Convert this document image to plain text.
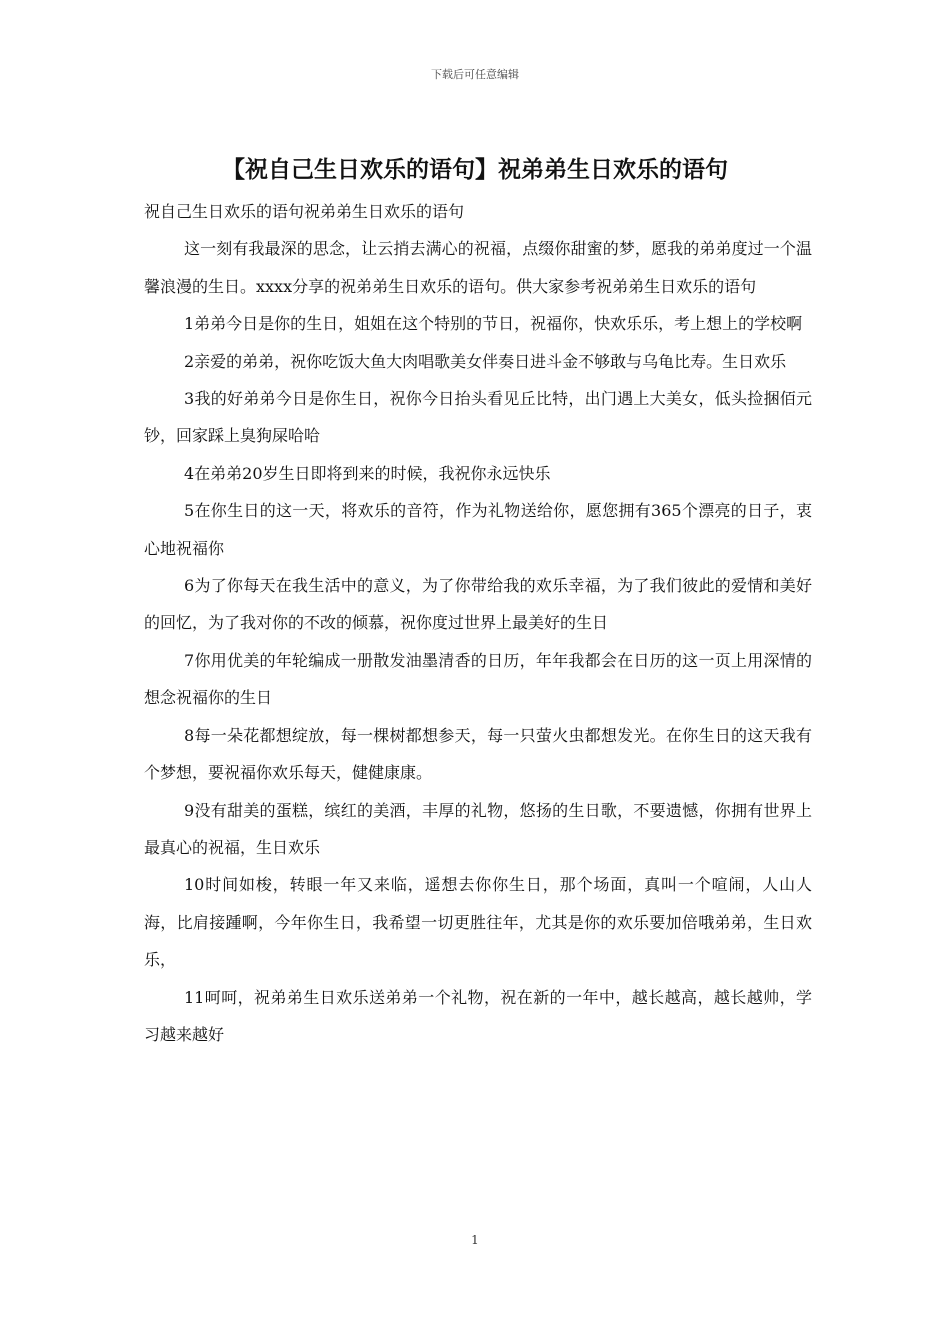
下载后可任意编辑
【祝自己生日欢乐的语句】祝弟弟生日欢乐的语句

祝自己生日欢乐的语句祝弟弟生日欢乐的语句

这一刻有我最深的思念，让云捎去满心的祝福，点缀你甜蜜的梦，愿我的弟弟度过一个温馨浪漫的生日。xxxx分享的祝弟弟生日欢乐的语句。供大家参考祝弟弟生日欢乐的语句

1弟弟今日是你的生日，姐姐在这个特别的节日，祝福你，快欢乐乐，考上想上的学校啊

2亲爱的弟弟，祝你吃饭大鱼大肉唱歌美女伴奏日进斗金不够敢与乌龟比寿。生日欢乐

3我的好弟弟今日是你生日，祝你今日抬头看见丘比特，出门遇上大美女，低头捡捆佰元钞，回家踩上臭狗屎哈哈

4在弟弟20岁生日即将到来的时候，我祝你永远快乐

5在你生日的这一天，将欢乐的音符，作为礼物送给你，愿您拥有365个漂亮的日子，衷心地祝福你

6为了你每天在我生活中的意义，为了你带给我的欢乐幸福，为了我们彼此的爱情和美好的回忆，为了我对你的不改的倾慕，祝你度过世界上最美好的生日

7你用优美的年轮编成一册散发油墨清香的日历，年年我都会在日历的这一页上用深情的想念祝福你的生日

8每一朵花都想绽放，每一棵树都想参天，每一只萤火虫都想发光。在你生日的这天我有个梦想，要祝福你欢乐每天，健健康康。

9没有甜美的蛋糕，缤红的美酒，丰厚的礼物，悠扬的生日歌，不要遗憾，你拥有世界上最真心的祝福，生日欢乐

10时间如梭，转眼一年又来临，遥想去你你生日，那个场面，真叫一个喧闹，人山人海，比肩接踵啊，今年你生日，我希望一切更胜往年，尤其是你的欢乐要加倍哦弟弟，生日欢乐，

11呵呵，祝弟弟生日欢乐送弟弟一个礼物，祝在新的一年中，越长越高，越长越帅，学习越来越好

1
